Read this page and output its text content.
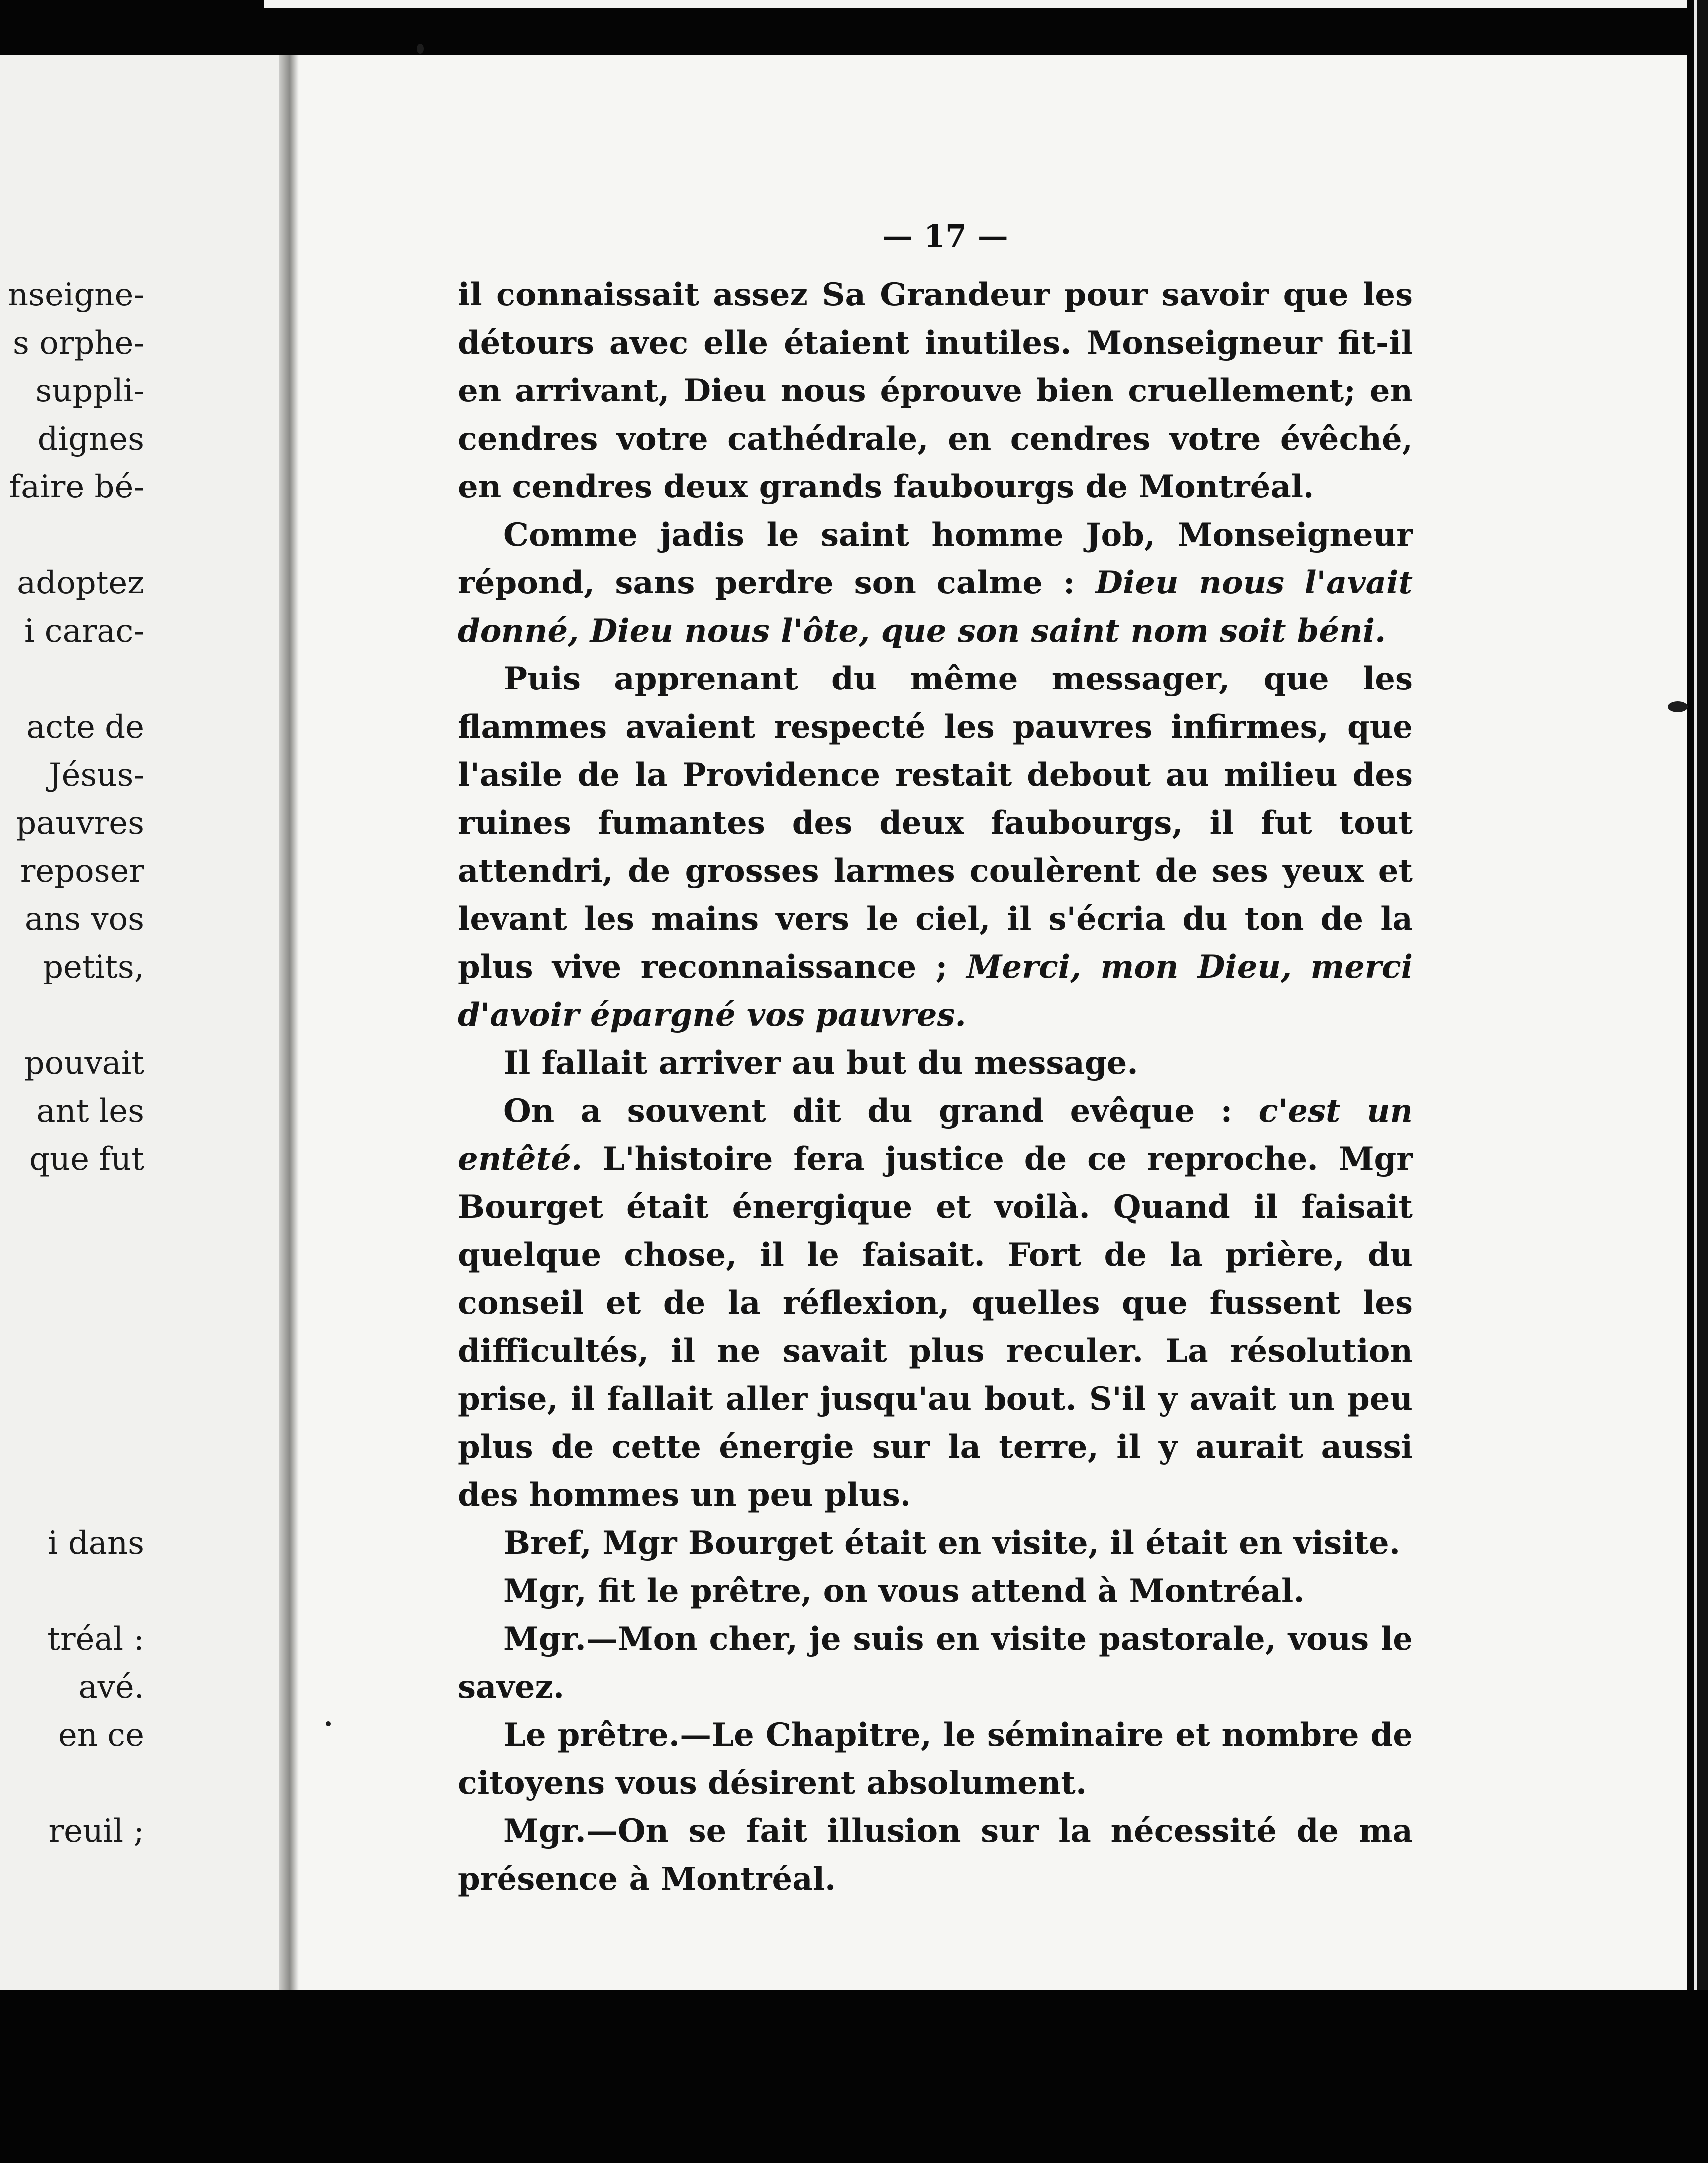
nseigne-
s orphe-
suppli-
dignes
faire bé-
adoptez
i carac-
acte de
Jésus-
pauvres
reposer
ans vos
petits,
pouvait
ant les
que fut
i dans
tréal :
avé.
en ce
reuil ;
— 17 —

il connaissait assez Sa Grandeur pour savoir que les détours avec elle étaient inutiles. Monseigneur fit-il en arrivant, Dieu nous éprouve bien cruellement; en cendres votre cathédrale, en cendres votre évêché, en cendres deux grands faubourgs de Montréal.

Comme jadis le saint homme Job, Monseigneur répond, sans perdre son calme : Dieu nous l'avait donné, Dieu nous l'ôte, que son saint nom soit béni.

Puis apprenant du même messager, que les flammes avaient respecté les pauvres infirmes, que l'asile de la Providence restait debout au milieu des ruines fumantes des deux faubourgs, il fut tout attendri, de grosses larmes coulèrent de ses yeux et levant les mains vers le ciel, il s'écria du ton de la plus vive reconnaissance ; Merci, mon Dieu, merci d'avoir épargné vos pauvres.

Il fallait arriver au but du message.

On a souvent dit du grand evêque : c'est un entêté. L'histoire fera justice de ce reproche. Mgr Bourget était énergique et voilà. Quand il faisait quelque chose, il le faisait. Fort de la prière, du conseil et de la réflexion, quelles que fussent les difficultés, il ne savait plus reculer. La résolution prise, il fallait aller jusqu'au bout. S'il y avait un peu plus de cette énergie sur la terre, il y aurait aussi des hommes un peu plus.

Bref, Mgr Bourget était en visite, il était en visite.

Mgr, fit le prêtre, on vous attend à Montréal.

Mgr.—Mon cher, je suis en visite pastorale, vous le savez.

Le prêtre.—Le Chapitre, le séminaire et nombre de citoyens vous désirent absolument.

Mgr.—On se fait illusion sur la nécessité de ma présence à Montréal.
